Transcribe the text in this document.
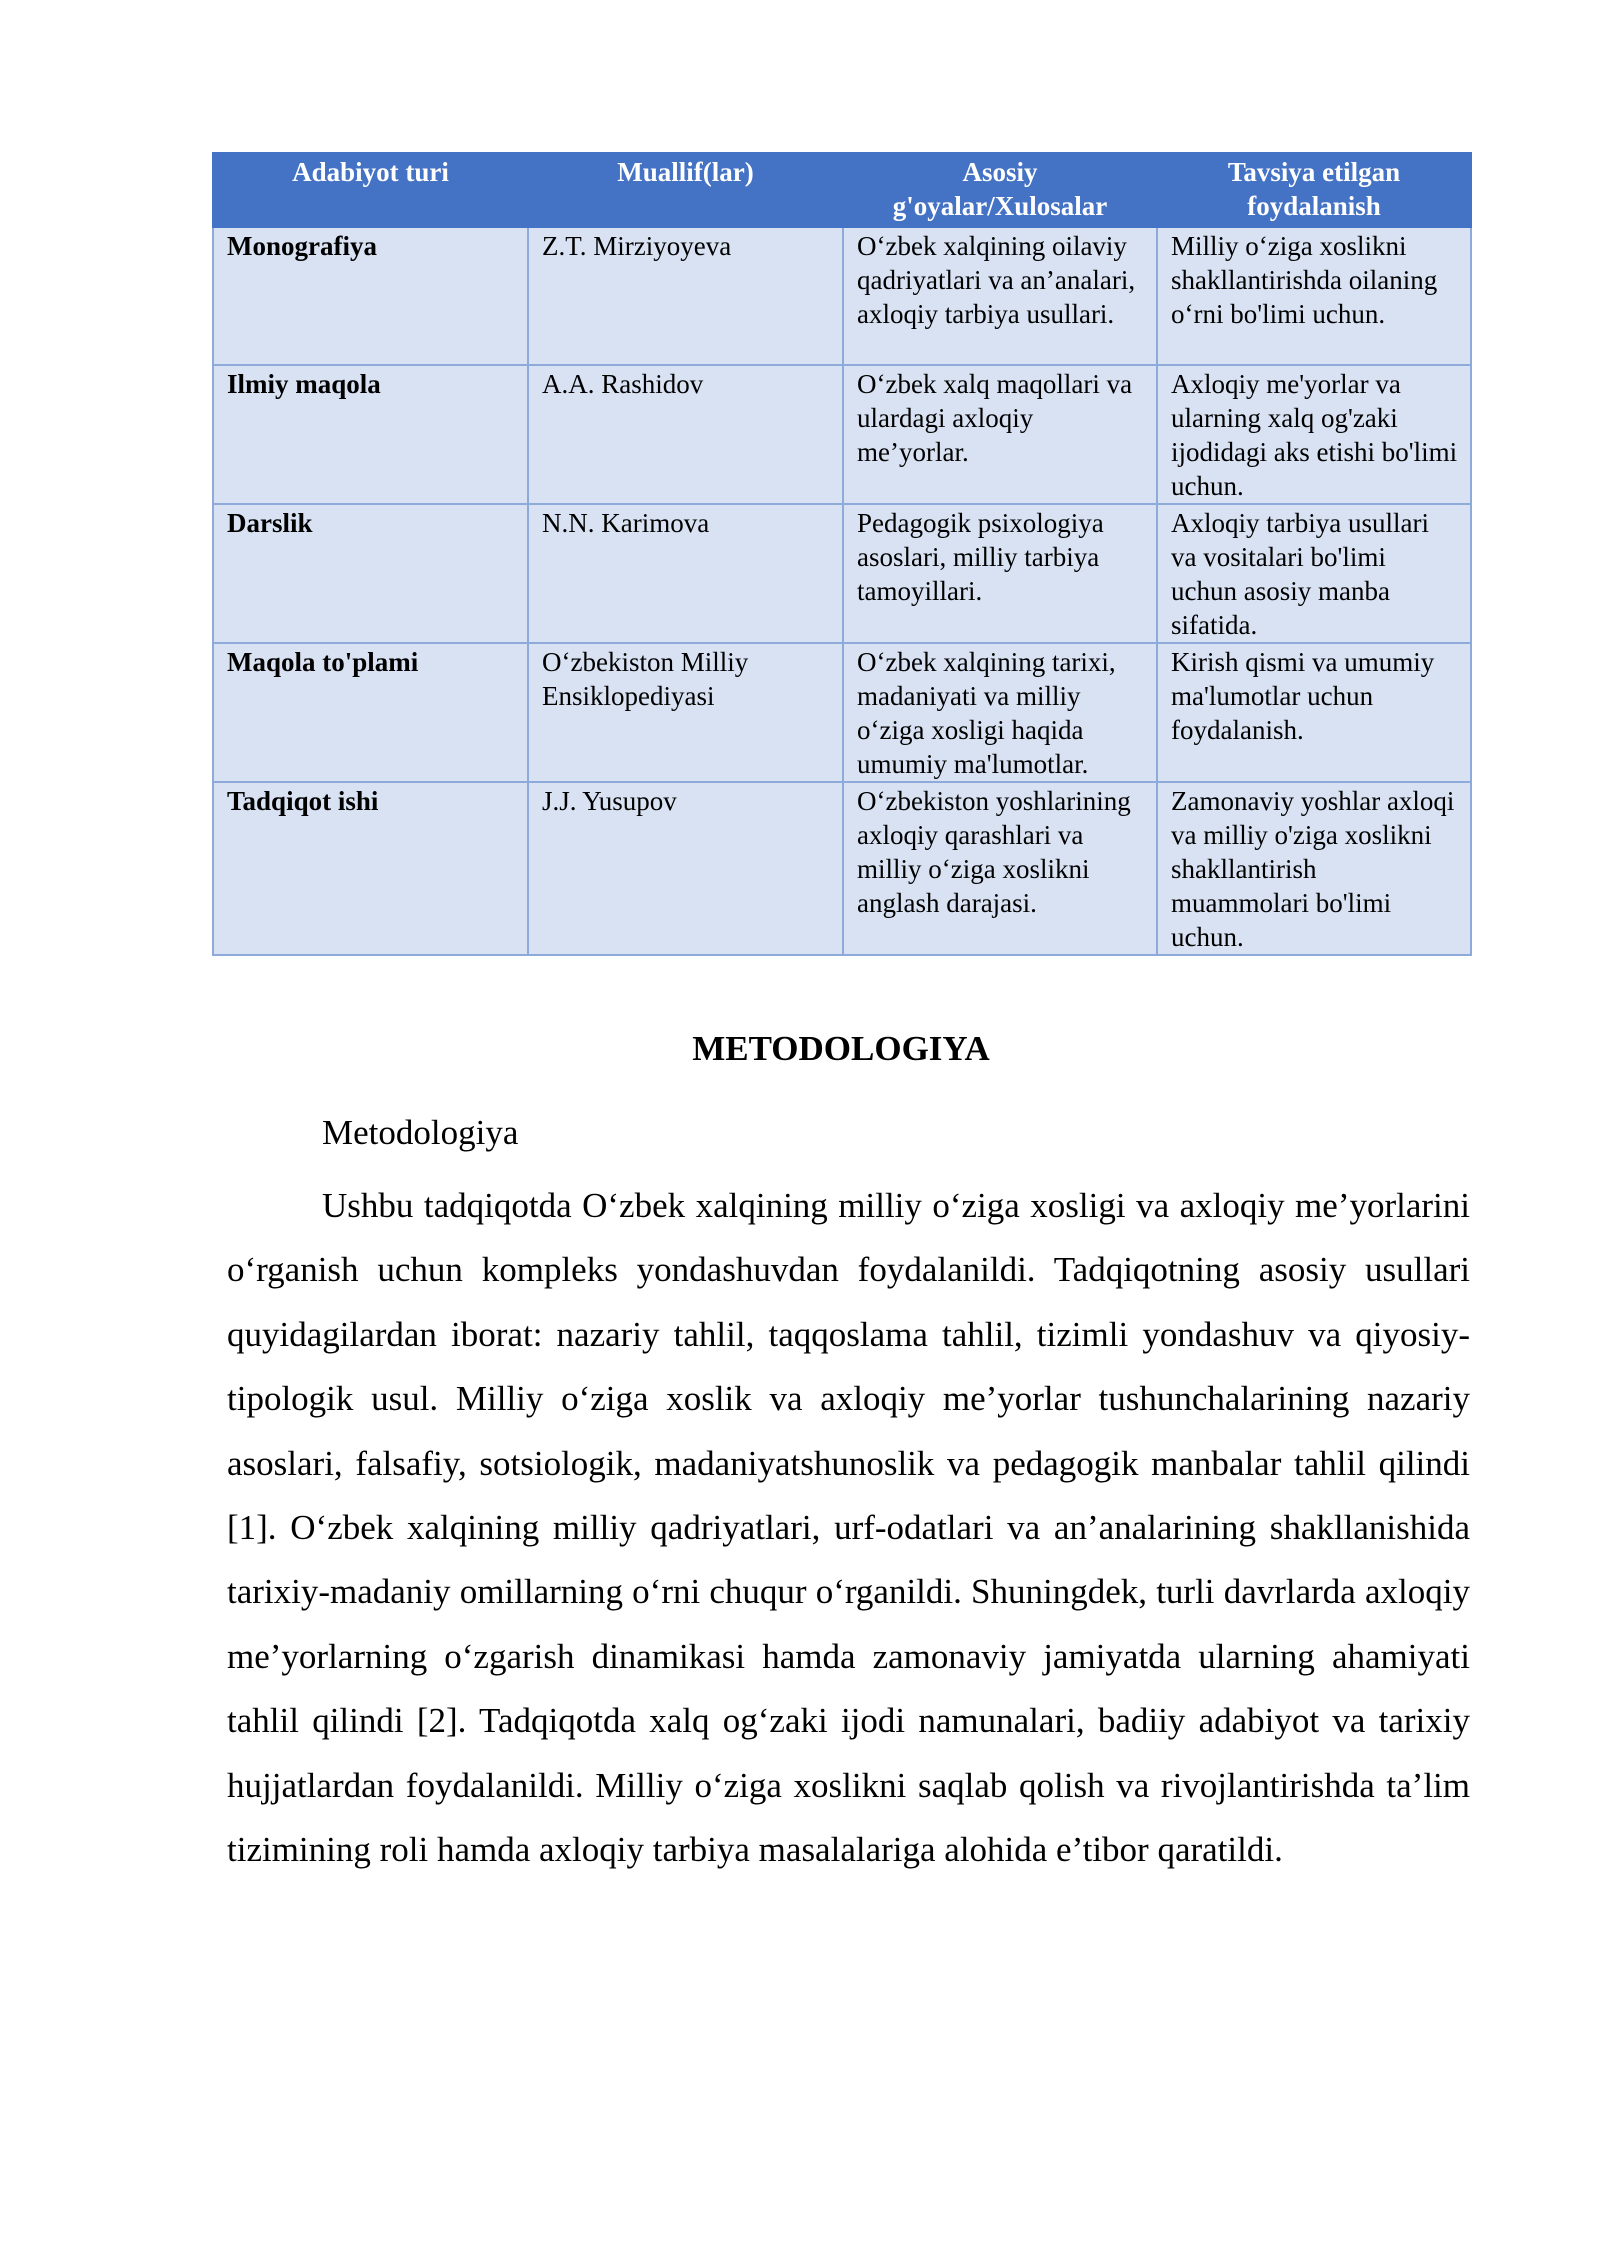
Adabiyot turi	Muallif(lar)	Asosiy g'oyalar/Xulosalar	Tavsiya etilgan foydalanish
Monografiya	Z.T. Mirziyoyeva	O‘zbek xalqining oilaviy qadriyatlari va an’analari, axloqiy tarbiya usullari.	Milliy o‘ziga xoslikni shakllantirishda oilaning o‘rni bo'limi uchun.
Ilmiy maqola	A.A. Rashidov	O‘zbek xalq maqollari va ulardagi axloqiy me’yorlar.	Axloqiy me'yorlar va ularning xalq og'zaki ijodidagi aks etishi bo'limi uchun.
Darslik	N.N. Karimova	Pedagogik psixologiya asoslari, milliy tarbiya tamoyillari.	Axloqiy tarbiya usullari va vositalari bo'limi uchun asosiy manba sifatida.
Maqola to'plami	O‘zbekiston Milliy Ensiklopediyasi	O‘zbek xalqining tarixi, madaniyati va milliy o‘ziga xosligi haqida umumiy ma'lumotlar.	Kirish qismi va umumiy ma'lumotlar uchun foydalanish.
Tadqiqot ishi	J.J. Yusupov	O‘zbekiston yoshlarining axloqiy qarashlari va milliy o‘ziga xoslikni anglash darajasi.	Zamonaviy yoshlar axloqi va milliy o'ziga xoslikni shakllantirish muammolari bo'limi uchun.
METODOLOGIYA

Metodologiya

Ushbu tadqiqotda O‘zbek xalqining milliy o‘ziga xosligi va axloqiy me’yorlarini o‘rganish uchun kompleks yondashuvdan foydalanildi. Tadqiqotning asosiy usullari quyidagilardan iborat: nazariy tahlil, taqqoslama tahlil, tizimli yondashuv va qiyosiy-tipologik usul. Milliy o‘ziga xoslik va axloqiy me’yorlar tushunchalarining nazariy asoslari, falsafiy, sotsiologik, madaniyatshunoslik va pedagogik manbalar tahlil qilindi [1]. O‘zbek xalqining milliy qadriyatlari, urf-odatlari va an’analarining shakllanishida tarixiy-madaniy omillarning o‘rni chuqur o‘rganildi. Shuningdek, turli davrlarda axloqiy me’yorlarning o‘zgarish dinamikasi hamda zamonaviy jamiyatda ularning ahamiyati tahlil qilindi [2]. Tadqiqotda xalq og‘zaki ijodi namunalari, badiiy adabiyot va tarixiy hujjatlardan foydalanildi. Milliy o‘ziga xoslikni saqlab qolish va rivojlantirishda ta’lim tizimining roli hamda axloqiy tarbiya masalalariga alohida e’tibor qaratildi.
